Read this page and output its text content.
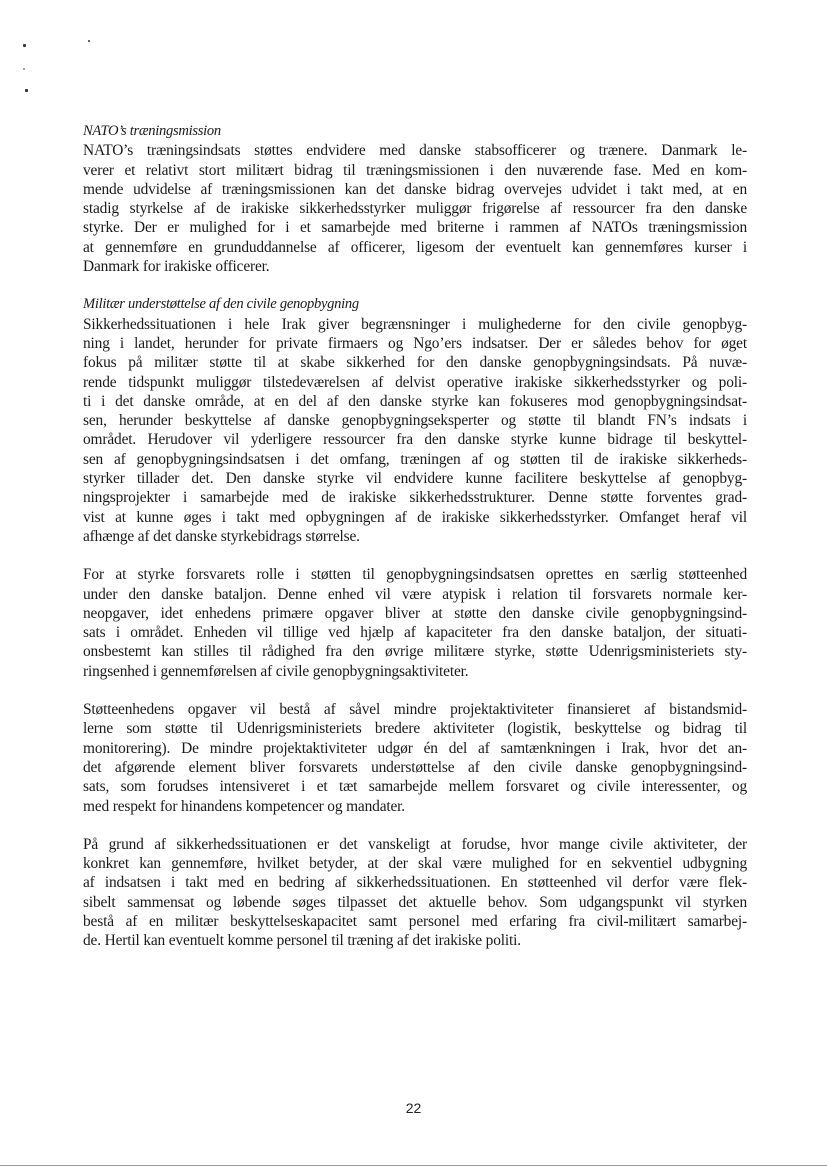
NATO’s træningsmission
NATO’s træningsindsats støttes endvidere med danske stabsofficerer og trænere. Danmark le-
verer et relativt stort militært bidrag til træningsmissionen i den nuværende fase. Med en kom-
mende udvidelse af træningsmissionen kan det danske bidrag overvejes udvidet i takt med, at en
stadig styrkelse af de irakiske sikkerhedsstyrker muliggør frigørelse af ressourcer fra den danske
styrke. Der er mulighed for i et samarbejde med briterne i rammen af NATOs træningsmission
at gennemføre en grunduddannelse af officerer, ligesom der eventuelt kan gennemføres kurser i
Danmark for irakiske officerer.
Militær understøttelse af den civile genopbygning
Sikkerhedssituationen i hele Irak giver begrænsninger i mulighederne for den civile genopbyg-
ning i landet, herunder for private firmaers og Ngo’ers indsatser. Der er således behov for øget
fokus på militær støtte til at skabe sikkerhed for den danske genopbygningsindsats. På nuvæ-
rende tidspunkt muliggør tilstedeværelsen af delvist operative irakiske sikkerhedsstyrker og poli-
ti i det danske område, at en del af den danske styrke kan fokuseres mod genopbygningsindsat-
sen, herunder beskyttelse af danske genopbygningseksperter og støtte til blandt FN’s indsats i
området. Herudover vil yderligere ressourcer fra den danske styrke kunne bidrage til beskyttel-
sen af genopbygningsindsatsen i det omfang, træningen af og støtten til de irakiske sikkerheds-
styrker tillader det. Den danske styrke vil endvidere kunne facilitere beskyttelse af genopbyg-
ningsprojekter i samarbejde med de irakiske sikkerhedsstrukturer. Denne støtte forventes grad-
vist at kunne øges i takt med opbygningen af de irakiske sikkerhedsstyrker. Omfanget heraf vil
afhænge af det danske styrkebidrags størrelse.
For at styrke forsvarets rolle i støtten til genopbygningsindsatsen oprettes en særlig støtteenhed
under den danske bataljon. Denne enhed vil være atypisk i relation til forsvarets normale ker-
neopgaver, idet enhedens primære opgaver bliver at støtte den danske civile genopbygningsind-
sats i området. Enheden vil tillige ved hjælp af kapaciteter fra den danske bataljon, der situati-
onsbestemt kan stilles til rådighed fra den øvrige militære styrke, støtte Udenrigsministeriets sty-
ringsenhed i gennemførelsen af civile genopbygningsaktiviteter.
Støtteenhedens opgaver vil bestå af såvel mindre projektaktiviteter finansieret af bistandsmid-
lerne som støtte til Udenrigsministeriets bredere aktiviteter (logistik, beskyttelse og bidrag til
monitorering). De mindre projektaktiviteter udgør én del af samtænkningen i Irak, hvor det an-
det afgørende element bliver forsvarets understøttelse af den civile danske genopbygningsind-
sats, som forudses intensiveret i et tæt samarbejde mellem forsvaret og civile interessenter, og
med respekt for hinandens kompetencer og mandater.
På grund af sikkerhedssituationen er det vanskeligt at forudse, hvor mange civile aktiviteter, der
konkret kan gennemføre, hvilket betyder, at der skal være mulighed for en sekventiel udbygning
af indsatsen i takt med en bedring af sikkerhedssituationen. En støtteenhed vil derfor være flek-
sibelt sammensat og løbende søges tilpasset det aktuelle behov. Som udgangspunkt vil styrken
bestå af en militær beskyttelseskapacitet samt personel med erfaring fra civil-militært samarbej-
de. Hertil kan eventuelt komme personel til træning af det irakiske politi.
22
